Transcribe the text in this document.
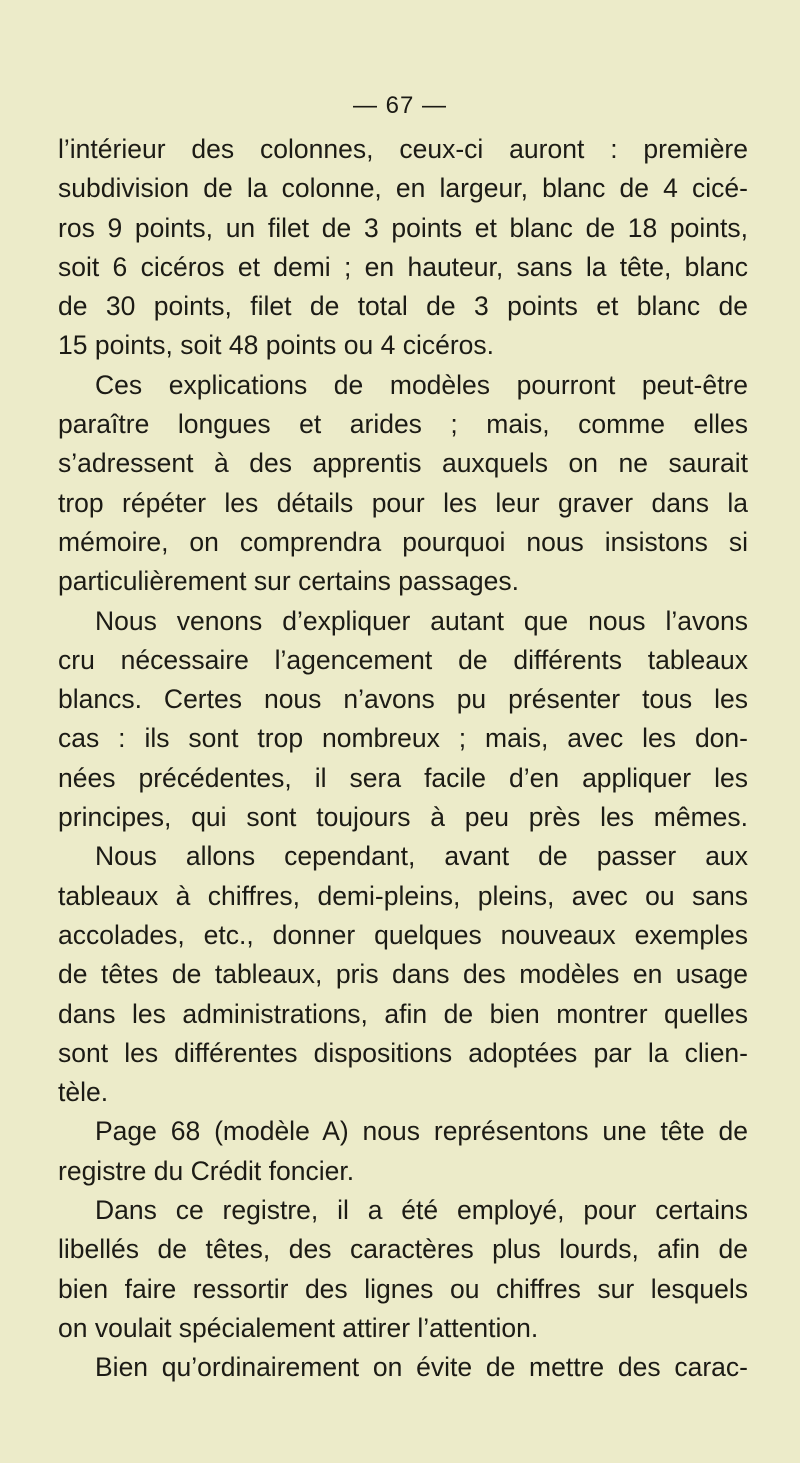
— 67 —
l’intérieur des colonnes, ceux-ci auront : première
subdivision de la colonne, en largeur, blanc de 4 cicé-
ros 9 points, un filet de 3 points et blanc de 18 points,
soit 6 cicéros et demi ; en hauteur, sans la tête, blanc
de 30 points, filet de total de 3 points et blanc de
15 points, soit 48 points ou 4 cicéros.
Ces explications de modèles pourront peut-être
paraître longues et arides ; mais, comme elles
s’adressent à des apprentis auxquels on ne saurait
trop répéter les détails pour les leur graver dans la
mémoire, on comprendra pourquoi nous insistons si
particulièrement sur certains passages.
Nous venons d’expliquer autant que nous l’avons
cru nécessaire l’agencement de différents tableaux
blancs. Certes nous n’avons pu présenter tous les
cas : ils sont trop nombreux ; mais, avec les don-
nées précédentes, il sera facile d’en appliquer les
principes, qui sont toujours à peu près les mêmes.
Nous allons cependant, avant de passer aux
tableaux à chiffres, demi-pleins, pleins, avec ou sans
accolades, etc., donner quelques nouveaux exemples
de têtes de tableaux, pris dans des modèles en usage
dans les administrations, afin de bien montrer quelles
sont les différentes dispositions adoptées par la clien-
tèle.
Page 68 (modèle A) nous représentons une tête de
registre du Crédit foncier.
Dans ce registre, il a été employé, pour certains
libellés de têtes, des caractères plus lourds, afin de
bien faire ressortir des lignes ou chiffres sur lesquels
on voulait spécialement attirer l’attention.
Bien qu’ordinairement on évite de mettre des carac-
